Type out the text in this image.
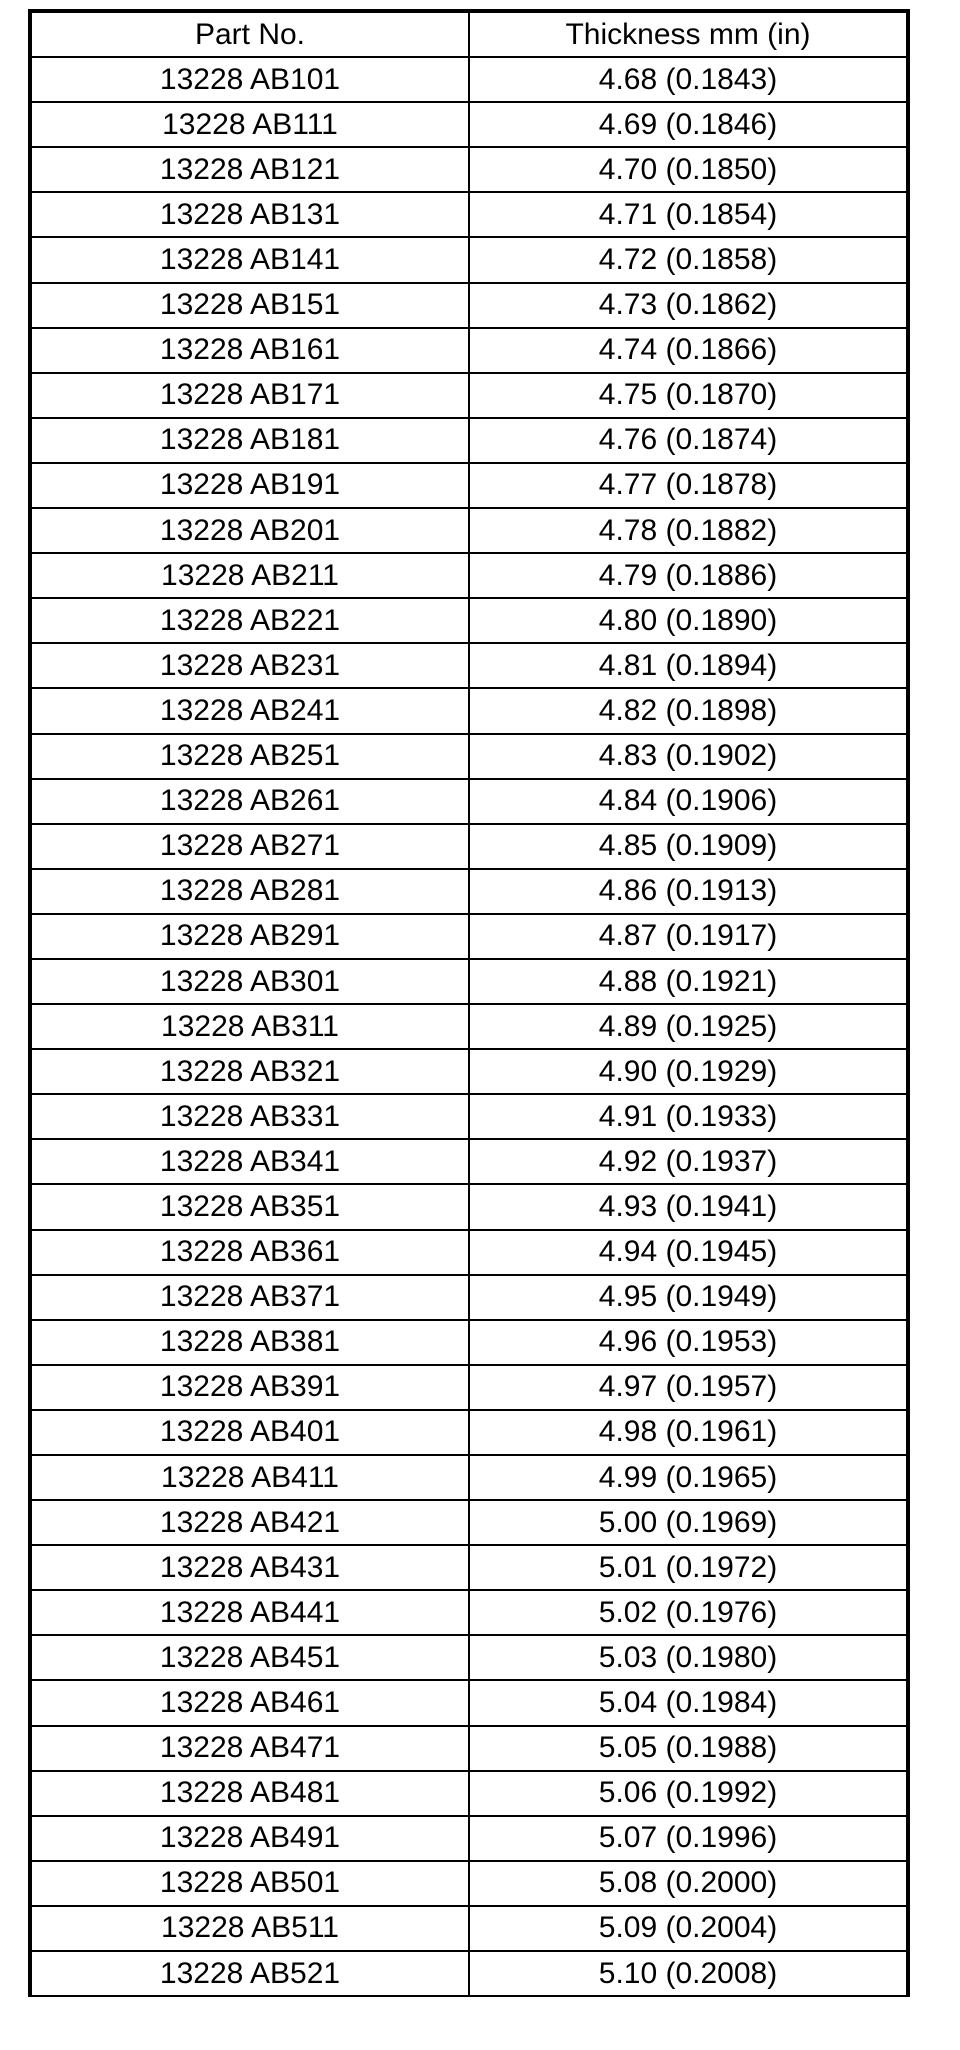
Part No.	Thickness mm (in)
13228 AB101	4.68 (0.1843)
13228 AB111	4.69 (0.1846)
13228 AB121	4.70 (0.1850)
13228 AB131	4.71 (0.1854)
13228 AB141	4.72 (0.1858)
13228 AB151	4.73 (0.1862)
13228 AB161	4.74 (0.1866)
13228 AB171	4.75 (0.1870)
13228 AB181	4.76 (0.1874)
13228 AB191	4.77 (0.1878)
13228 AB201	4.78 (0.1882)
13228 AB211	4.79 (0.1886)
13228 AB221	4.80 (0.1890)
13228 AB231	4.81 (0.1894)
13228 AB241	4.82 (0.1898)
13228 AB251	4.83 (0.1902)
13228 AB261	4.84 (0.1906)
13228 AB271	4.85 (0.1909)
13228 AB281	4.86 (0.1913)
13228 AB291	4.87 (0.1917)
13228 AB301	4.88 (0.1921)
13228 AB311	4.89 (0.1925)
13228 AB321	4.90 (0.1929)
13228 AB331	4.91 (0.1933)
13228 AB341	4.92 (0.1937)
13228 AB351	4.93 (0.1941)
13228 AB361	4.94 (0.1945)
13228 AB371	4.95 (0.1949)
13228 AB381	4.96 (0.1953)
13228 AB391	4.97 (0.1957)
13228 AB401	4.98 (0.1961)
13228 AB411	4.99 (0.1965)
13228 AB421	5.00 (0.1969)
13228 AB431	5.01 (0.1972)
13228 AB441	5.02 (0.1976)
13228 AB451	5.03 (0.1980)
13228 AB461	5.04 (0.1984)
13228 AB471	5.05 (0.1988)
13228 AB481	5.06 (0.1992)
13228 AB491	5.07 (0.1996)
13228 AB501	5.08 (0.2000)
13228 AB511	5.09 (0.2004)
13228 AB521	5.10 (0.2008)
